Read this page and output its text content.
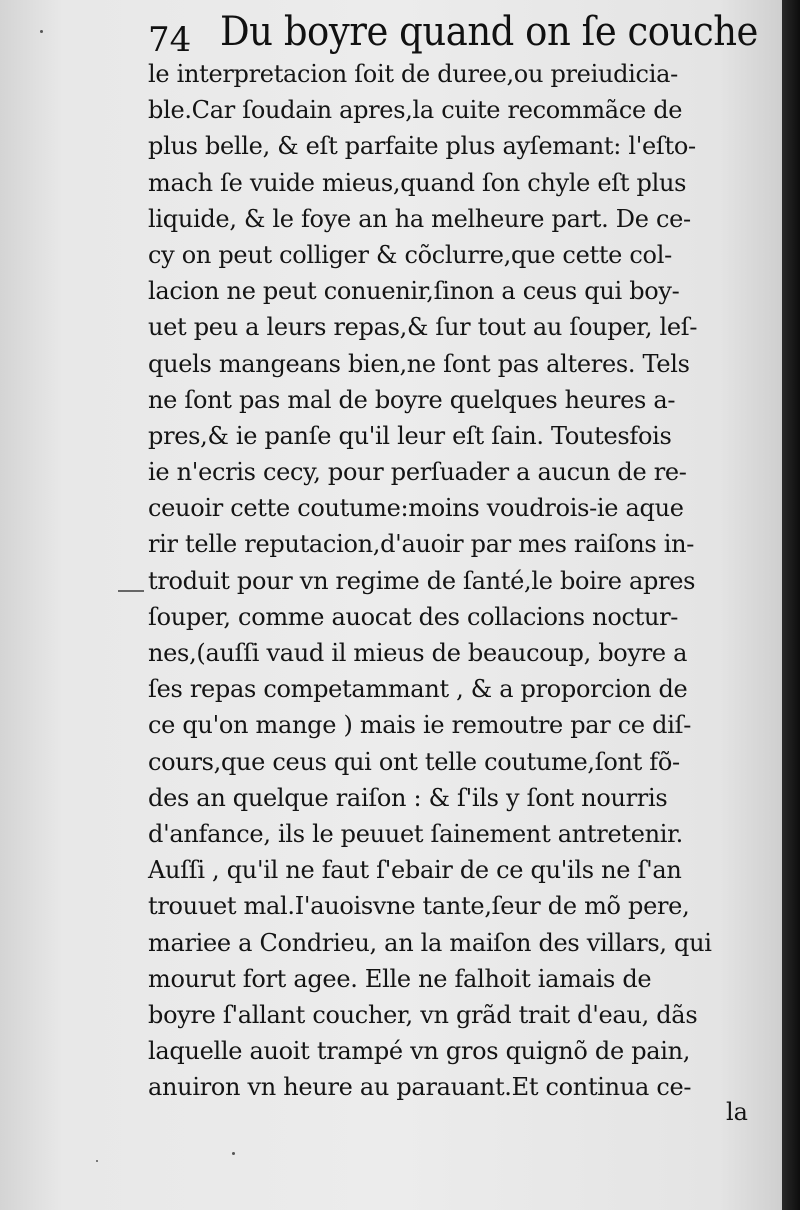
74 Du boyre quand on ſe couche
le interpretacion ſoit de duree,ou preiudicia-
ble.Car ſoudain apres,la cuite recommãce de
plus belle, & eſt parfaite plus ayſemant: l'eſto-
mach ſe vuide mieus,quand ſon chyle eſt plus
liquide, & le foye an ha melheure part. De ce-
cy on peut colliger & cõclurre,que cette col-
lacion ne peut conuenir,ſinon a ceus qui boy-
uet peu a leurs repas,& ſur tout au ſouper, leſ-
quels mangeans bien,ne ſont pas alteres. Tels
ne ſont pas mal de boyre quelques heures a-
pres,& ie panſe qu'il leur eſt ſain. Toutesfois
ie n'ecris cecy, pour perſuader a aucun de re-
ceuoir cette coutume:moins voudrois-ie aque
rir telle reputacion,d'auoir par mes raiſons in-
troduit pour vn regime de ſanté,le boire apres
ſouper, comme auocat des collacions noctur-
nes,(auſſi vaud il mieus de beaucoup, boyre a
ſes repas competammant , & a proporcion de
ce qu'on mange ) mais ie remoutre par ce diſ-
cours,que ceus qui ont telle coutume,ſont fõ-
des an quelque raiſon : & ſ'ils y ſont nourris
d'anfance, ils le peuuet ſainement antretenir.
Auſſi , qu'il ne faut ſ'ebair de ce qu'ils ne ſ'an
trouuet mal.I'auoisvne tante,ſeur de mõ pere,
mariee a Condrieu, an la maiſon des villars, qui
mourut fort agee. Elle ne falhoit iamais de
boyre ſ'allant coucher, vn grãd trait d'eau, dãs
laquelle auoit trampé vn gros quignõ de pain,
anuiron vn heure au parauant.Et continua ce-
la
